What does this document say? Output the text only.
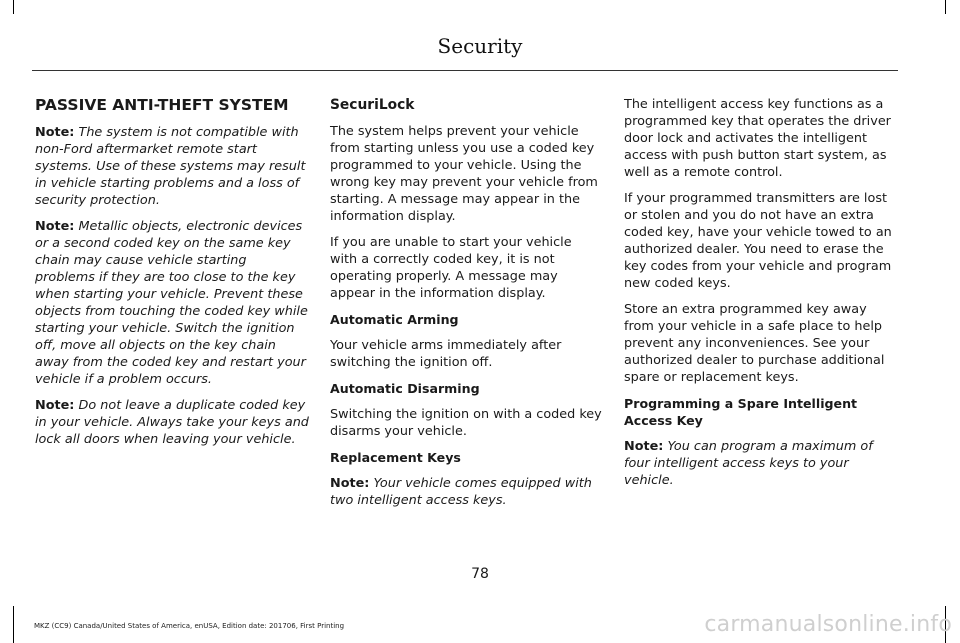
Security

PASSIVE ANTI-THEFT SYSTEM

Note: The system is not compatible with non-Ford aftermarket remote start systems. Use of these systems may result in vehicle starting problems and a loss of security protection.

Note: Metallic objects, electronic devices or a second coded key on the same key chain may cause vehicle starting problems if they are too close to the key when starting your vehicle. Prevent these objects from touching the coded key while starting your vehicle. Switch the ignition off, move all objects on the key chain away from the coded key and restart your vehicle if a problem occurs.

Note: Do not leave a duplicate coded key in your vehicle. Always take your keys and lock all doors when leaving your vehicle.

SecuriLock

The system helps prevent your vehicle from starting unless you use a coded key programmed to your vehicle. Using the wrong key may prevent your vehicle from starting. A message may appear in the information display.

If you are unable to start your vehicle with a correctly coded key, it is not operating properly. A message may appear in the information display.

Automatic Arming

Your vehicle arms immediately after switching the ignition off.

Automatic Disarming

Switching the ignition on with a coded key disarms your vehicle.

Replacement Keys

Note: Your vehicle comes equipped with two intelligent access keys.

The intelligent access key functions as a programmed key that operates the driver door lock and activates the intelligent access with push button start system, as well as a remote control.

If your programmed transmitters are lost or stolen and you do not have an extra coded key, have your vehicle towed to an authorized dealer. You need to erase the key codes from your vehicle and program new coded keys.

Store an extra programmed key away from your vehicle in a safe place to help prevent any inconveniences. See your authorized dealer to purchase additional spare or replacement keys.

Programming a Spare Intelligent Access Key

Note: You can program a maximum of four intelligent access keys to your vehicle.

78
MKZ (CC9) Canada/United States of America, enUSA, Edition date: 201706, First Printing	carmanualsonline.info
